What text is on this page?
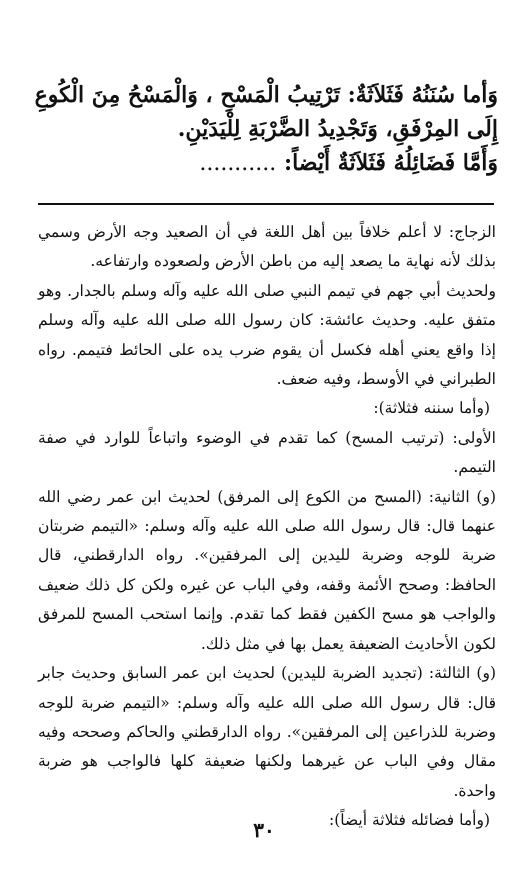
وَأما سُنَنُهُ فَثَلاَثَةٌ: تَرْتِيبُ الْمَسْحِ ، وَالْمَسْحُ مِنَ الْكُوعِ

إِلَى المِرْفَقِ، وَتَجْدِيدُ الضَّرْبَةِ لِلْيَدَيْنِ.

وَأَمَّا فَضَائِلُهُ فَثَلاَثَةٌ أَيْضاً: ...........

الزجاج: لا أعلم خلافاً بين أهل اللغة في أن الصعيد وجه الأرض وسمي بذلك لأنه نهاية ما يصعد إليه من باطن الأرض ولصعوده وارتفاعه.

ولحديث أبي جهم في تيمم النبي صلى الله عليه وآله وسلم بالجدار. وهو متفق عليه. وحديث عائشة: كان رسول الله صلى الله عليه وآله وسلم إذا واقع يعني أهله فكسل أن يقوم ضرب يده على الحائط فتيمم. رواه الطبراني في الأوسط، وفيه ضعف.

(وأما سننه فثلاثة):

الأولى: (ترتيب المسح) كما تقدم في الوضوء واتباعاً للوارد في صفة التيمم.

(و) الثانية: (المسح من الكوع إلى المرفق) لحديث ابن عمر رضي الله عنهما قال: قال رسول الله صلى الله عليه وآله وسلم: «التيمم ضربتان ضربة للوجه وضربة لليدين إلى المرفقين». رواه الدارقطني، قال الحافظ: وصحح الأئمة وقفه، وفي الباب عن غيره ولكن كل ذلك ضعيف والواجب هو مسح الكفين فقط كما تقدم. وإنما استحب المسح للمرفق لكون الأحاديث الضعيفة يعمل بها في مثل ذلك.

(و) الثالثة: (تجديد الضربة لليدين) لحديث ابن عمر السابق وحديث جابر قال: قال رسول الله صلى الله عليه وآله وسلم: «التيمم ضربة للوجه وضربة للذراعين إلى المرفقين». رواه الدارقطني والحاكم وصححه وفيه مقال وفي الباب عن غيرهما ولكنها ضعيفة كلها فالواجب هو ضربة واحدة.

(وأما فضائله فثلاثة أيضاً):

٣٠
